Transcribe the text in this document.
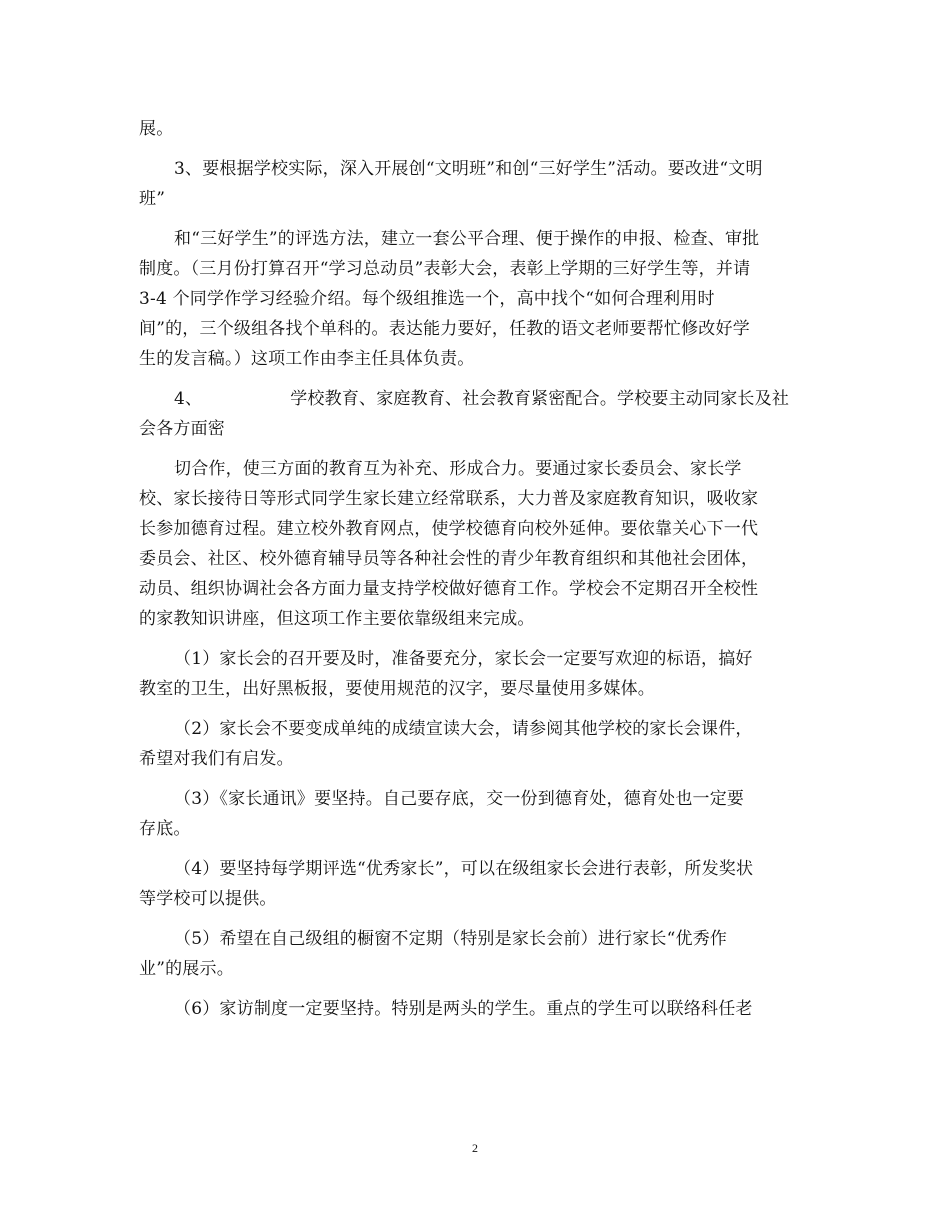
展。
3、要根据学校实际，深入开展创“文明班”和创“三好学生”活动。要改进“文明
班”
和“三好学生”的评选方法，建立一套公平合理、便于操作的申报、检查、审批
制度。（三月份打算召开“学习总动员”表彰大会，表彰上学期的三好学生等，并请
3-4 个同学作学习经验介绍。每个级组推选一个，高中找个“如何合理利用时
间”的，三个级组各找个单科的。表达能力要好，任教的语文老师要帮忙修改好学
生的发言稿。）这项工作由李主任具体负责。
4、	学校教育、家庭教育、社会教育紧密配合。学校要主动同家长及社
会各方面密
切合作，使三方面的教育互为补充、形成合力。要通过家长委员会、家长学
校、家长接待日等形式同学生家长建立经常联系，大力普及家庭教育知识，吸收家
长参加德育过程。建立校外教育网点，使学校德育向校外延伸。要依靠关心下一代
委员会、社区、校外德育辅导员等各种社会性的青少年教育组织和其他社会团体，
动员、组织协调社会各方面力量支持学校做好德育工作。学校会不定期召开全校性
的家教知识讲座，但这项工作主要依靠级组来完成。
（1）家长会的召开要及时，准备要充分，家长会一定要写欢迎的标语，搞好
教室的卫生，出好黑板报，要使用规范的汉字，要尽量使用多媒体。
（2）家长会不要变成单纯的成绩宣读大会，请参阅其他学校的家长会课件，
希望对我们有启发。
（3）《家长通讯》要坚持。自己要存底，交一份到德育处，德育处也一定要
存底。
（4）要坚持每学期评选“优秀家长”，可以在级组家长会进行表彰，所发奖状
等学校可以提供。
（5）希望在自己级组的橱窗不定期（特别是家长会前）进行家长“优秀作
业”的展示。
（6）家访制度一定要坚持。特别是两头的学生。重点的学生可以联络科任老
2
